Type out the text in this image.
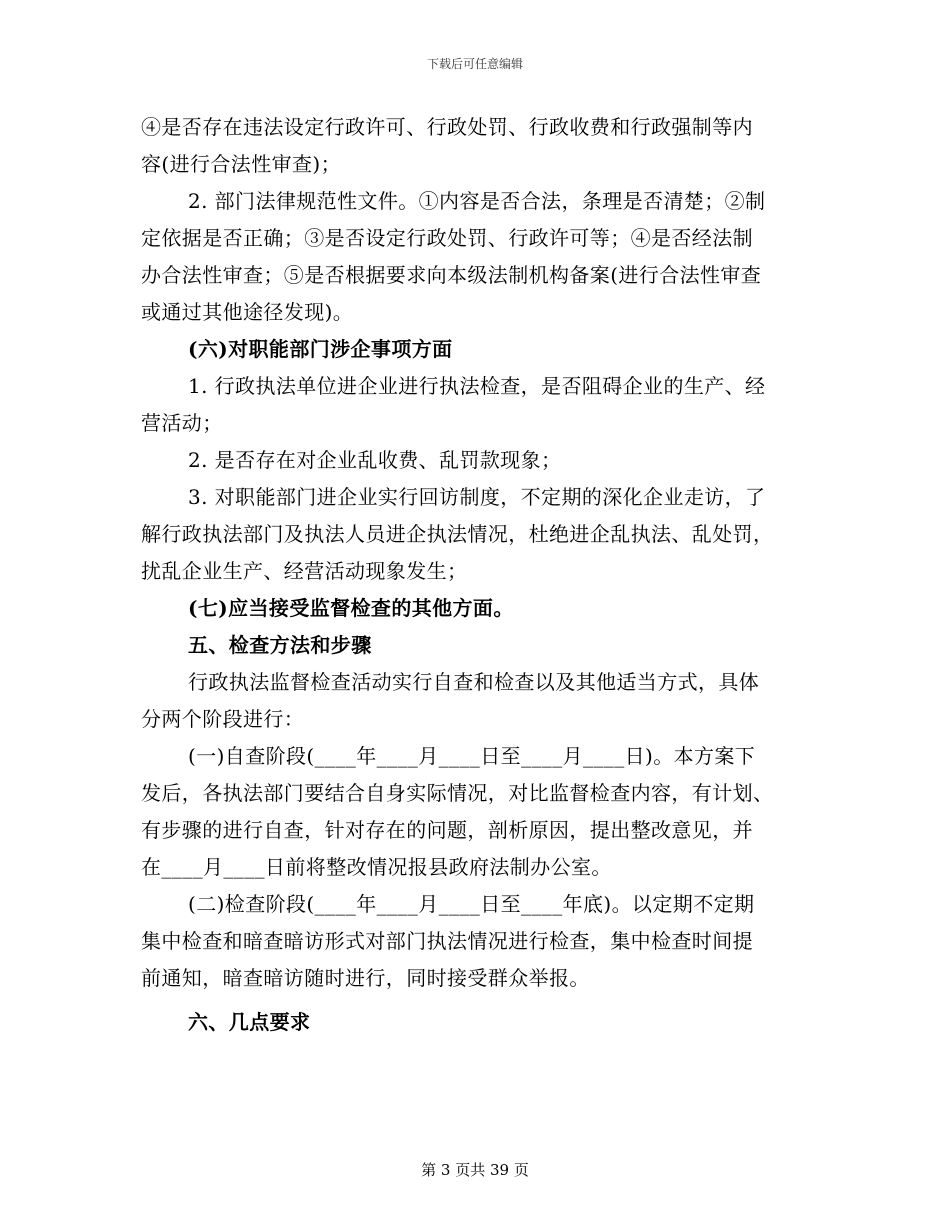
下载后可任意编辑
④是否存在违法设定行政许可、行政处罚、行政收费和行政强制等内
容(进行合法性审查)；
2. 部门法律规范性文件。①内容是否合法，条理是否清楚；②制
定依据是否正确；③是否设定行政处罚、行政许可等；④是否经法制
办合法性审查；⑤是否根据要求向本级法制机构备案(进行合法性审查
或通过其他途径发现)。
(六)对职能部门涉企事项方面
1. 行政执法单位进企业进行执法检查，是否阻碍企业的生产、经
营活动；
2. 是否存在对企业乱收费、乱罚款现象；
3. 对职能部门进企业实行回访制度，不定期的深化企业走访，了
解行政执法部门及执法人员进企执法情况，杜绝进企乱执法、乱处罚，
扰乱企业生产、经营活动现象发生；
(七)应当接受监督检查的其他方面。
五、检查方法和步骤
行政执法监督检查活动实行自查和检查以及其他适当方式，具体
分两个阶段进行：
(一)自查阶段(____年____月____日至____月____日)。本方案下
发后，各执法部门要结合自身实际情况，对比监督检查内容，有计划、
有步骤的进行自查，针对存在的问题，剖析原因，提出整改意见，并
在____月____日前将整改情况报县政府法制办公室。
(二)检查阶段(____年____月____日至____年底)。以定期不定期
集中检查和暗查暗访形式对部门执法情况进行检查，集中检查时间提
前通知，暗查暗访随时进行，同时接受群众举报。
六、几点要求
第 3 页共 39 页
